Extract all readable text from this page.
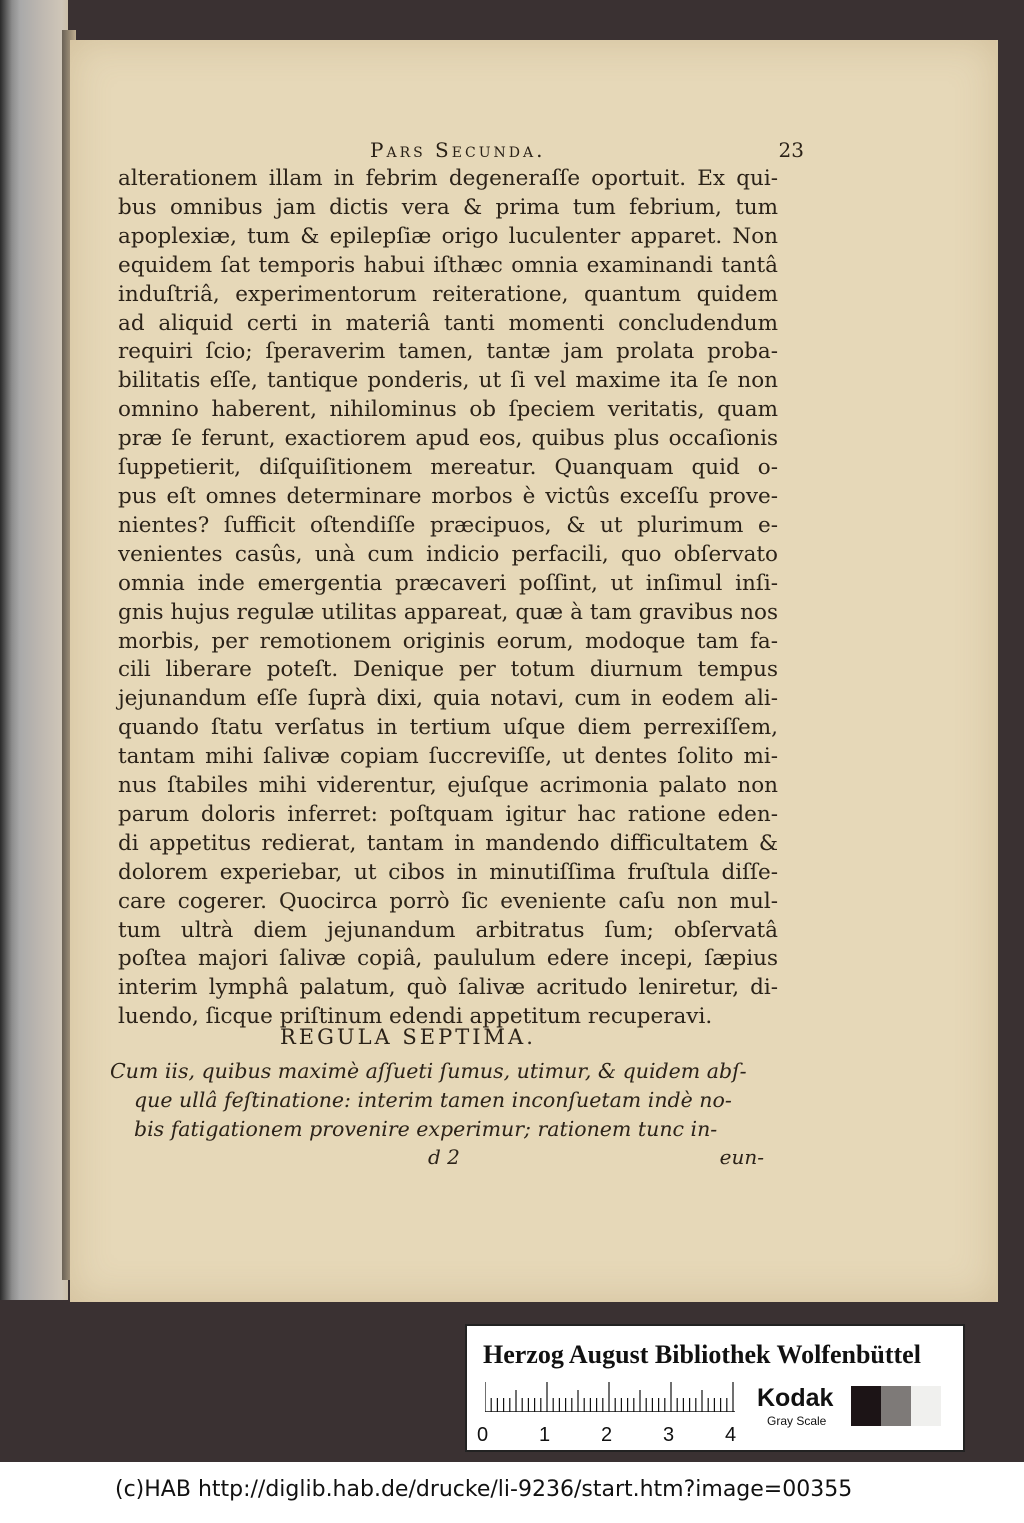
Pars Secunda.	23
alterationem illam in febrim degeneraſſe oportuit. Ex qui-
bus omnibus jam dictis vera & prima tum febrium, tum
apoplexiæ, tum & epilepſiæ origo luculenter apparet. Non
equidem ſat temporis habui iſthæc omnia examinandi tantâ
induſtriâ, experimentorum reiteratione, quantum quidem
ad aliquid certi in materiâ tanti momenti concludendum
requiri ſcio; ſperaverim tamen, tantæ jam prolata proba-
bilitatis eſſe, tantique ponderis, ut ſi vel maxime ita ſe non
omnino haberent, nihilominus ob ſpeciem veritatis, quam
præ ſe ferunt, exactiorem apud eos, quibus plus occaſionis
ſuppetierit, diſquiſitionem mereatur. Quanquam quid o-
pus eſt omnes determinare morbos è victûs exceſſu prove-
nientes? ſufficit oſtendiſſe præcipuos, & ut plurimum e-
venientes casûs, unà cum indicio perfacili, quo obſervato
omnia inde emergentia præcaveri poſſint, ut inſimul inſi-
gnis hujus regulæ utilitas appareat, quæ à tam gravibus nos
morbis, per remotionem originis eorum, modoque tam fa-
cili liberare poteſt. Denique per totum diurnum tempus
jejunandum eſſe ſuprà dixi, quia notavi, cum in eodem ali-
quando ſtatu verſatus in tertium uſque diem perrexiſſem,
tantam mihi ſalivæ copiam ſuccreviſſe, ut dentes ſolito mi-
nus ſtabiles mihi viderentur, ejuſque acrimonia palato non
parum doloris inferret: poſtquam igitur hac ratione eden-
di appetitus redierat, tantam in mandendo difficultatem &
dolorem experiebar, ut cibos in minutiſſima fruſtula diſſe-
care cogerer. Quocirca porrò ſic eveniente caſu non mul-
tum ultrà diem jejunandum arbitratus ſum; obſervatâ
poſtea majori ſalivæ copiâ, paululum edere incepi, ſæpius
interim lymphâ palatum, quò ſalivæ acritudo leniretur, di-
luendo, ſicque priſtinum edendi appetitum recuperavi.
REGULA SEPTIMA.
Cum iis, quibus maximè aſſueti ſumus, utimur, & quidem abſ-
que ullâ feſtinatione: interim tamen inconſuetam indè no-
bis fatigationem provenire experimur; rationem tunc in-
d 2	eun-
Herzog August Bibliothek Wolfenbüttel
0	1	2	3	4
Kodak
Gray Scale
(c)HAB http://diglib.hab.de/drucke/li-9236/start.htm?image=00355
